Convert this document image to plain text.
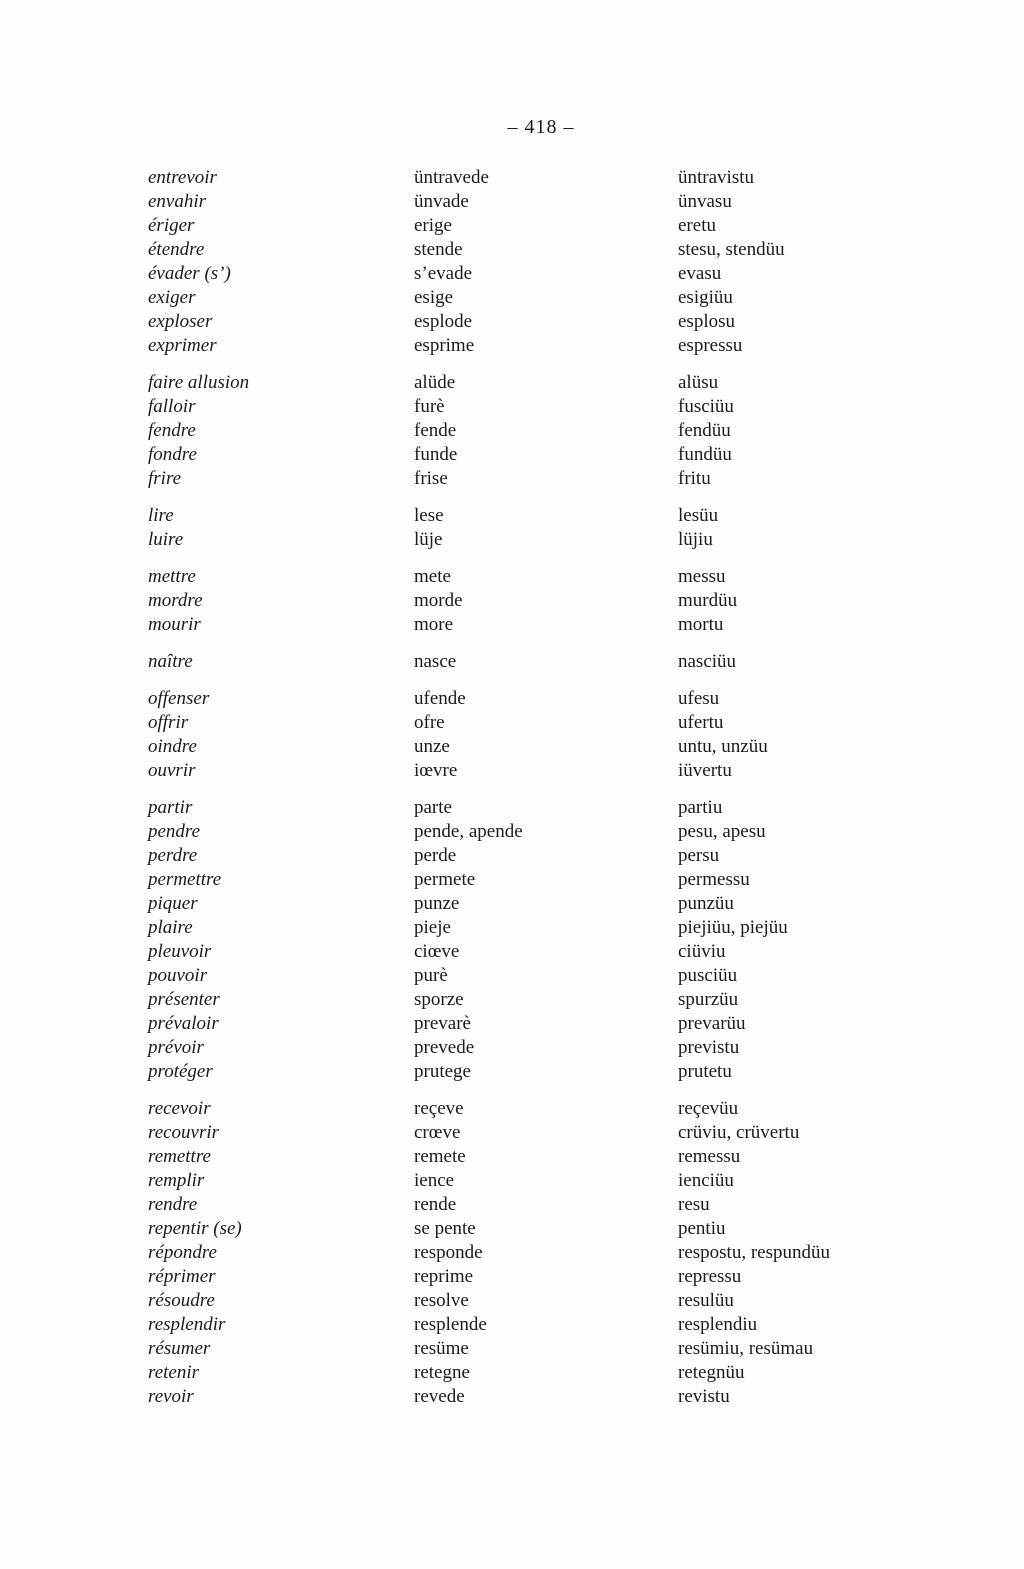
– 418 –
entrevoir	üntravede	üntravistu
envahir	ünvade	ünvasu
ériger	erige	eretu
étendre	stende	stesu, stendüu
évader (s’)	s’evade	evasu
exiger	esige	esigiüu
exploser	esplode	esplosu
exprimer	esprime	espressu
faire allusion	alüde	alüsu
falloir	furè	fusciüu
fendre	fende	fendüu
fondre	funde	fundüu
frire	frise	fritu
lire	lese	lesüu
luire	lüje	lüjiu
mettre	mete	messu
mordre	morde	murdüu
mourir	more	mortu
naître	nasce	nasciüu
offenser	ufende	ufesu
offrir	ofre	ufertu
oindre	unze	untu, unzüu
ouvrir	iœvre	iüvertu
partir	parte	partiu
pendre	pende, apende	pesu, apesu
perdre	perde	persu
permettre	permete	permessu
piquer	punze	punzüu
plaire	pieje	piejiüu, piejüu
pleuvoir	ciœve	ciüviu
pouvoir	purè	pusciüu
présenter	sporze	spurzüu
prévaloir	prevarè	prevarüu
prévoir	prevede	previstu
protéger	prutege	prutetu
recevoir	reçeve	reçevüu
recouvrir	crœve	crüviu, crüvertu
remettre	remete	remessu
remplir	ience	ienciüu
rendre	rende	resu
repentir (se)	se pente	pentiu
répondre	responde	respostu, respundüu
réprimer	reprime	repressu
résoudre	resolve	resulüu
resplendir	resplende	resplendiu
résumer	resüme	resümiu, resümau
retenir	retegne	retegnüu
revoir	revede	revistu
